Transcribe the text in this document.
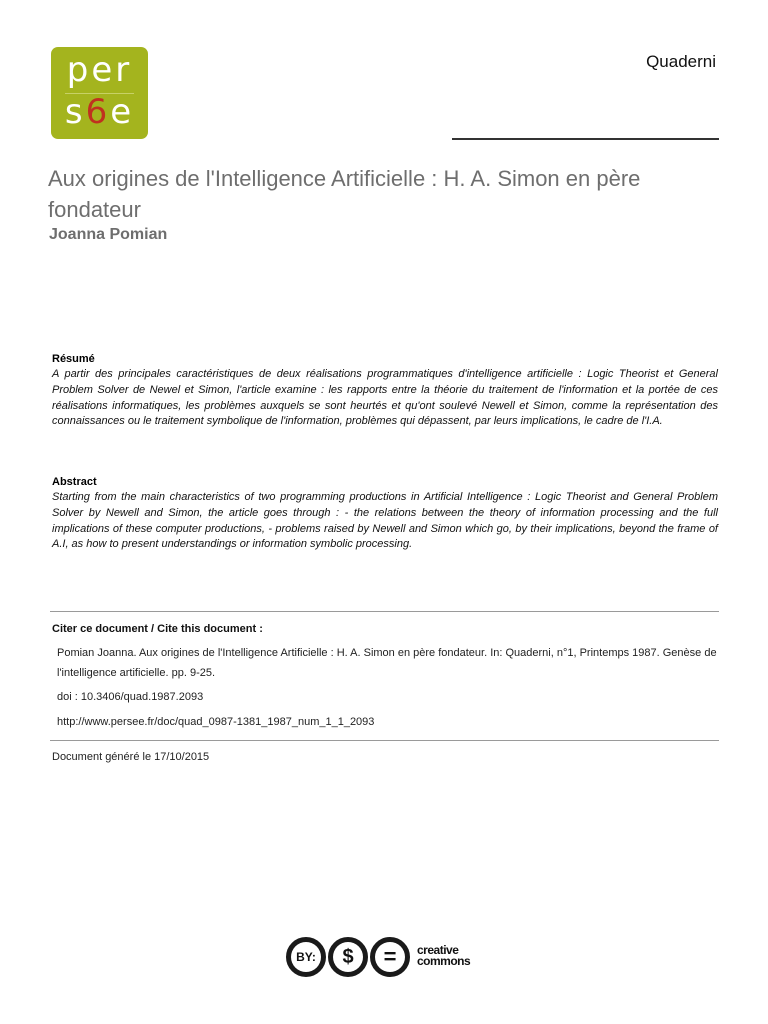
per
s6e
Quaderni
Aux origines de l'Intelligence Artificielle : H. A. Simon en père fondateur
Joanna Pomian
Résumé
A partir des principales caractéristiques de deux réalisations programmatiques d'intelligence artificielle : Logic Theorist et General Problem Solver de Newel et Simon, l'article examine : les rapports entre la théorie du traitement de l'information et la portée de ces réalisations informatiques, les problèmes auxquels se sont heurtés et qu'ont soulevé Newell et Simon, comme la représentation des connaissances ou le traitement symbolique de l'information, problèmes qui dépassent, par leurs implications, le cadre de l'I.A.
Abstract
Starting from the main characteristics of two programming productions in Artificial Intelligence : Logic Theorist and General Problem Solver by Newell and Simon, the article goes through : - the relations between the theory of information processing and the full implications of these computer productions, - problems raised by Newell and Simon which go, by their implications, beyond the frame of A.I, as how to present understandings or information symbolic processing.
Citer ce document / Cite this document :
Pomian Joanna. Aux origines de l'Intelligence Artificielle : H. A. Simon en père fondateur. In: Quaderni, n°1, Printemps 1987. Genèse de l'intelligence artificielle. pp. 9-25.
doi : 10.3406/quad.1987.2093
http://www.persee.fr/doc/quad_0987-1381_1987_num_1_1_2093
Document généré le 17/10/2015
BY:	$	=	creative
commons
